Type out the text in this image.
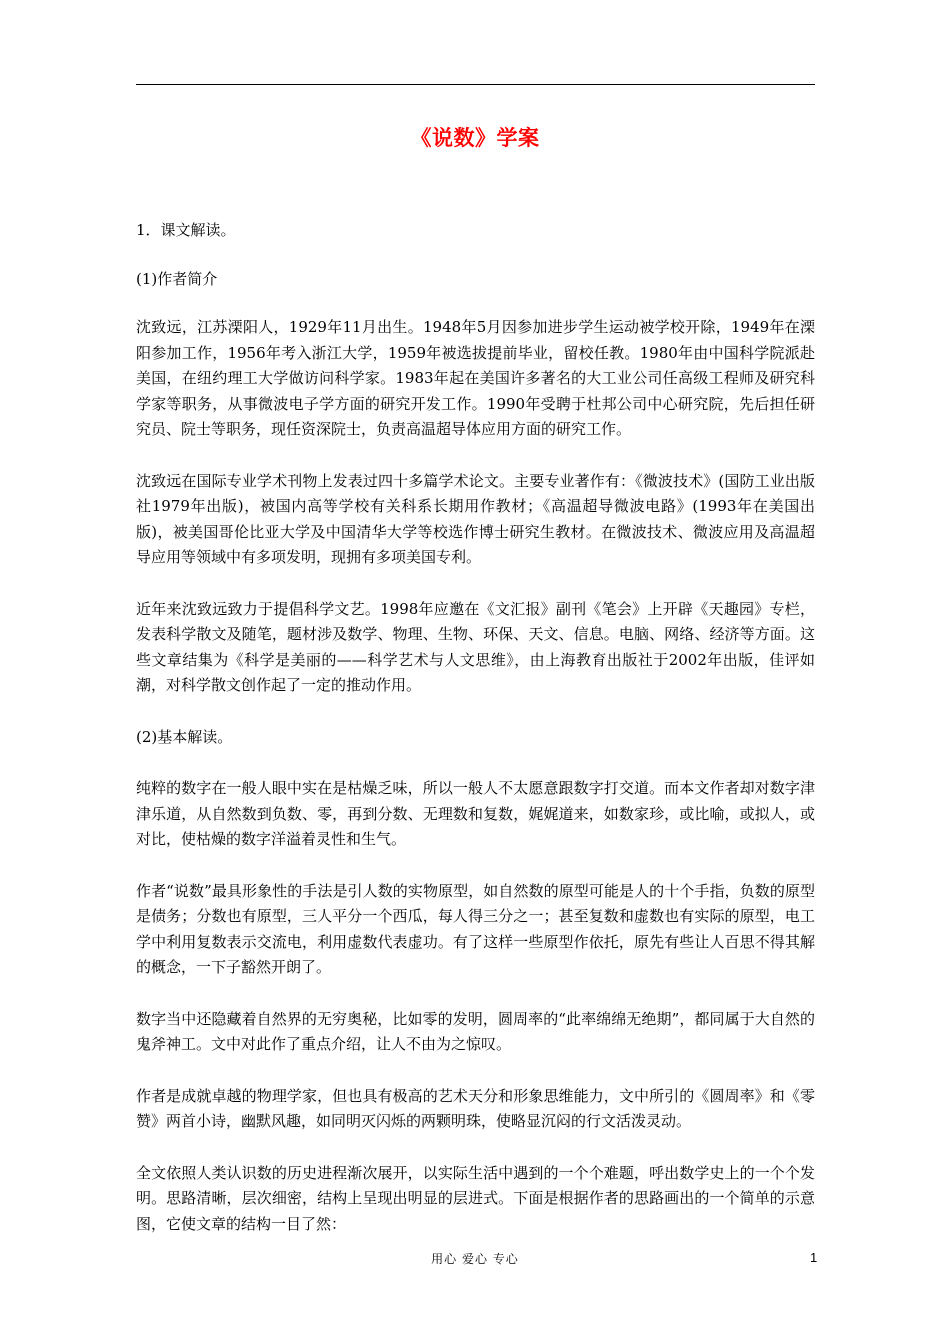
《说数》学案

1．课文解读。

(1)作者简介

沈致远，江苏溧阳人，1929年11月出生。1948年5月因参加进步学生运动被学校开除，1949年在溧阳参加工作，1956年考入浙江大学，1959年被选拔提前毕业，留校任教。1980年由中国科学院派赴美国，在纽约理工大学做访问科学家。1983年起在美国许多著名的大工业公司任高级工程师及研究科学家等职务，从事微波电子学方面的研究开发工作。1990年受聘于杜邦公司中心研究院，先后担任研究员、院士等职务，现任资深院士，负责高温超导体应用方面的研究工作。

沈致远在国际专业学术刊物上发表过四十多篇学术论文。主要专业著作有：《微波技术》(国防工业出版社1979年出版)，被国内高等学校有关科系长期用作教材；《高温超导微波电路》(1993年在美国出版)，被美国哥伦比亚大学及中国清华大学等校选作博士研究生教材。在微波技术、微波应用及高温超导应用等领域中有多项发明，现拥有多项美国专利。

近年来沈致远致力于提倡科学文艺。1998年应邀在《文汇报》副刊《笔会》上开辟《天趣园》专栏，发表科学散文及随笔，题材涉及数学、物理、生物、环保、天文、信息。电脑、网络、经济等方面。这些文章结集为《科学是美丽的——科学艺术与人文思维》，由上海教育出版社于2002年出版，佳评如潮，对科学散文创作起了一定的推动作用。

(2)基本解读。

纯粹的数字在一般人眼中实在是枯燥乏味，所以一般人不太愿意跟数字打交道。而本文作者却对数字津津乐道，从自然数到负数、零，再到分数、无理数和复数，娓娓道来，如数家珍，或比喻，或拟人，或对比，使枯燥的数字洋溢着灵性和生气。

作者“说数”最具形象性的手法是引人数的实物原型，如自然数的原型可能是人的十个手指，负数的原型是债务；分数也有原型，三人平分一个西瓜，每人得三分之一；甚至复数和虚数也有实际的原型，电工学中利用复数表示交流电，利用虚数代表虚功。有了这样一些原型作依托，原先有些让人百思不得其解的概念，一下子豁然开朗了。

数字当中还隐藏着自然界的无穷奥秘，比如零的发明，圆周率的“此率绵绵无绝期”，都同属于大自然的鬼斧神工。文中对此作了重点介绍，让人不由为之惊叹。

作者是成就卓越的物理学家，但也具有极高的艺术天分和形象思维能力，文中所引的《圆周率》和《零赞》两首小诗，幽默风趣，如同明灭闪烁的两颗明珠，使略显沉闷的行文活泼灵动。

全文依照人类认识数的历史进程渐次展开，以实际生活中遇到的一个个难题，呼出数学史上的一个个发明。思路清晰，层次细密，结构上呈现出明显的层进式。下面是根据作者的思路画出的一个简单的示意图，它使文章的结构一目了然：

用心 爱心 专心	1
